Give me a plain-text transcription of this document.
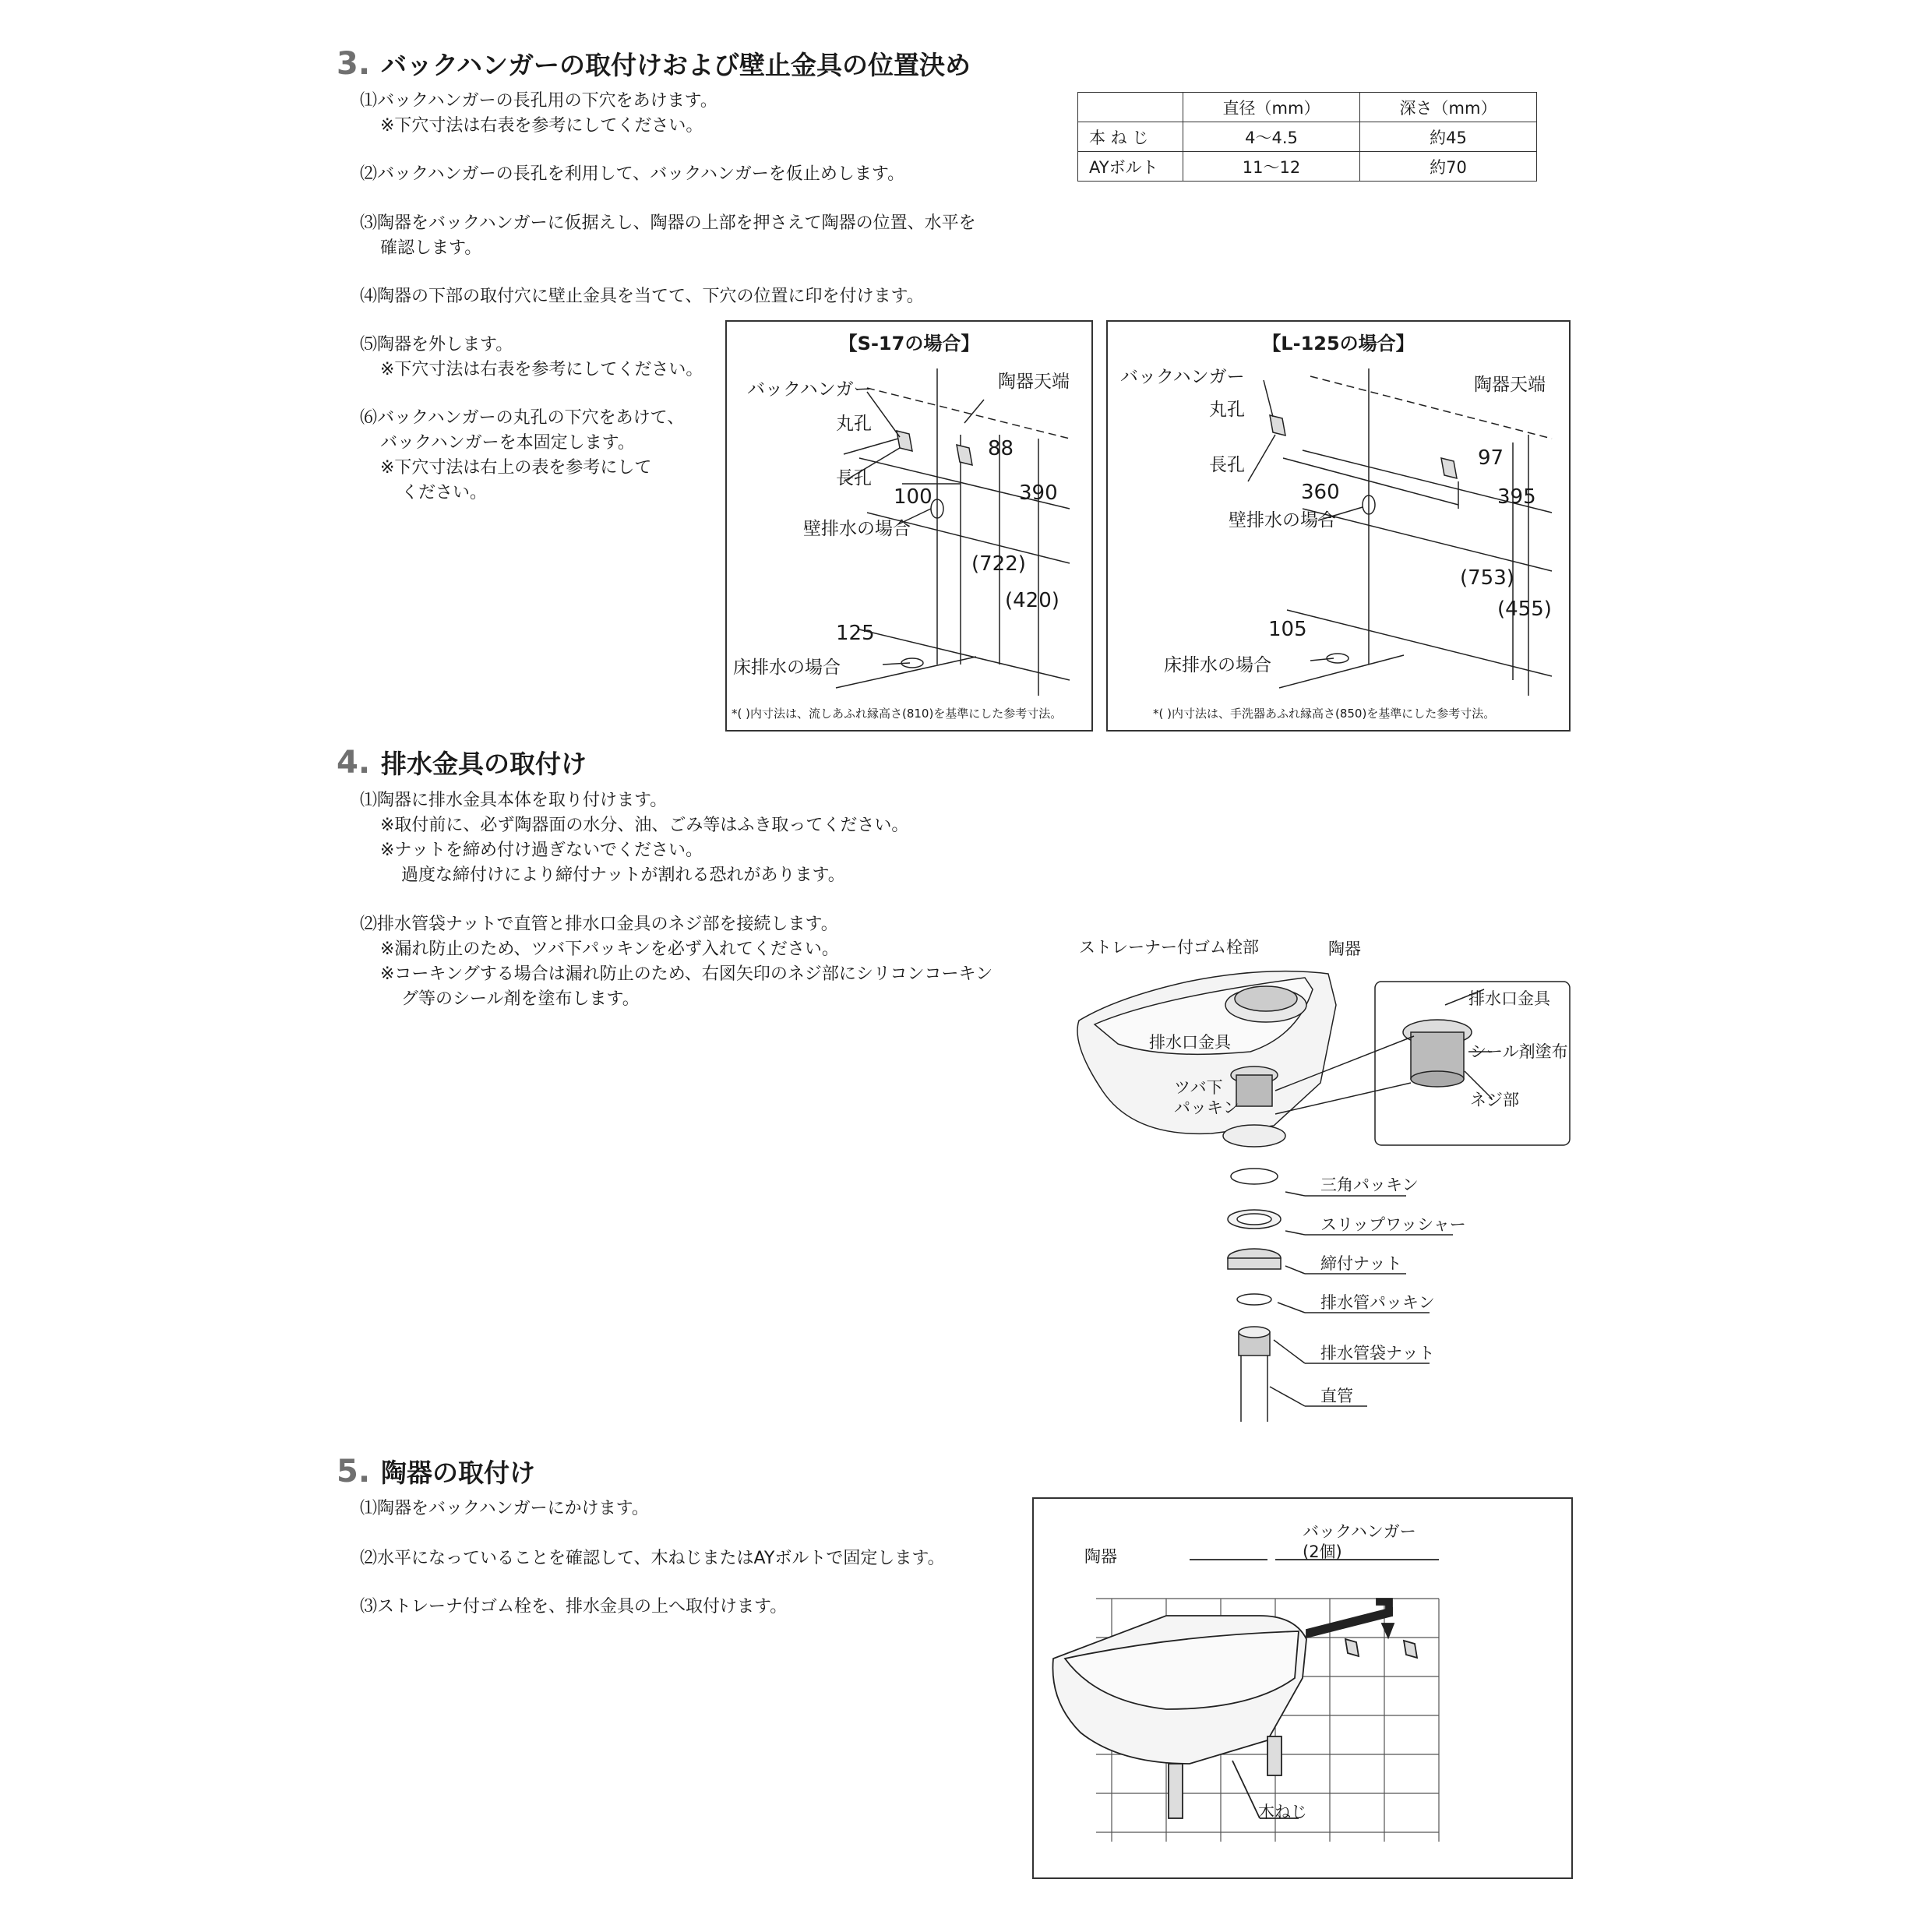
3. バックハンガーの取付けおよび壁止金具の位置決め
⑴バックハンガーの長孔用の下穴をあけます。
※下穴寸法は右表を参考にしてください。
⑵バックハンガーの長孔を利用して、バックハンガーを仮止めします。
⑶陶器をバックハンガーに仮据えし、陶器の上部を押さえて陶器の位置、水平を
確認します。
⑷陶器の下部の取付穴に壁止金具を当てて、下穴の位置に印を付けます。
⑸陶器を外します。
※下穴寸法は右表を参考にしてください。
⑹バックハンガーの丸孔の下穴をあけて、
バックハンガーを本固定します。
※下穴寸法は右上の表を参考にして
ください。
	直径（mm）	深さ（mm）
本 ね じ	4〜4.5	約45
AYボルト	11〜12	約70
【S-17の場合】
バックハンガー	陶器天端
丸孔
長孔
壁排水の場合
床排水の場合
88
390
100
(722)
(420)
125
*( )内寸法は、流しあふれ縁高さ(810)を基準にした参考寸法。
【L-125の場合】
バックハンガー	陶器天端
丸孔
長孔
壁排水の場合
床排水の場合
97
395
360
(753)
(455)
105
*( )内寸法は、手洗器あふれ縁高さ(850)を基準にした参考寸法。
4. 排水金具の取付け
⑴陶器に排水金具本体を取り付けます。
※取付前に、必ず陶器面の水分、油、ごみ等はふき取ってください。
※ナットを締め付け過ぎないでください。
過度な締付けにより締付ナットが割れる恐れがあります。
⑵排水管袋ナットで直管と排水口金具のネジ部を接続します。
※漏れ防止のため、ツバ下パッキンを必ず入れてください。
※コーキングする場合は漏れ防止のため、右図矢印のネジ部にシリコンコーキン
グ等のシール剤を塗布します。
ストレーナー付ゴム栓部	陶器
排水口金具
ツバ下
パッキン
排水口金具
シール剤塗布
ネジ部
三角パッキン
スリップワッシャー
締付ナット
排水管パッキン
排水管袋ナット
直管
5. 陶器の取付け
⑴陶器をバックハンガーにかけます。
⑵水平になっていることを確認して、木ねじまたはAYボルトで固定します。
⑶ストレーナ付ゴム栓を、排水金具の上へ取付けます。
陶器
バックハンガー
(2個)
木ねじ
